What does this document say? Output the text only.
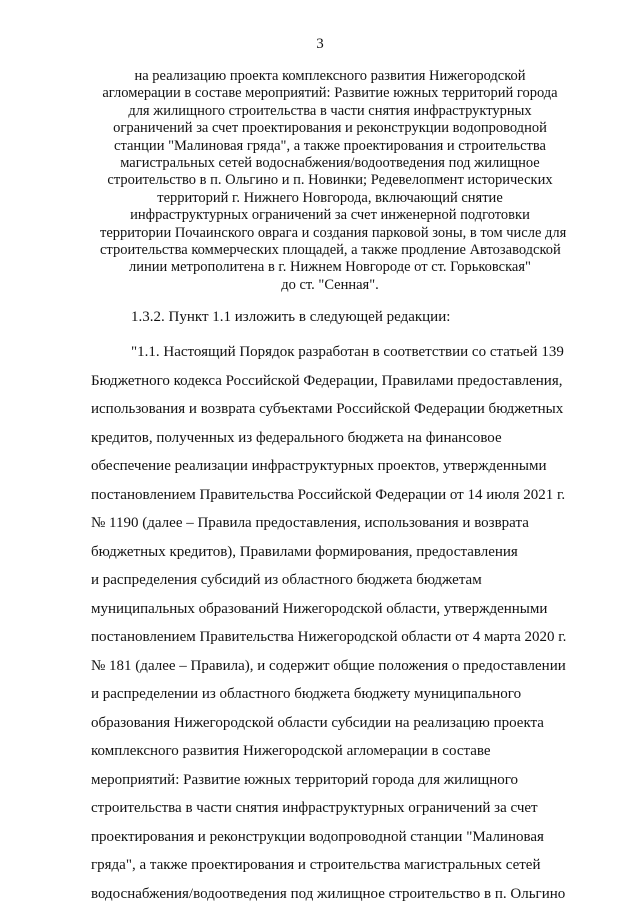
3
на реализацию проекта комплексного развития Нижегородской
агломерации в составе мероприятий: Развитие южных территорий города
для жилищного строительства в части снятия инфраструктурных
ограничений за счет проектирования и реконструкции водопроводной
станции "Малиновая гряда", а также проектирования и строительства
магистральных сетей водоснабжения/водоотведения под жилищное
строительство в п. Ольгино и п. Новинки; Редевелопмент исторических
территорий г. Нижнего Новгорода, включающий снятие
инфраструктурных ограничений за счет инженерной подготовки
территории Почаинского оврага и создания парковой зоны, в том числе для
строительства коммерческих площадей, а также продление Автозаводской
линии метрополитена в г. Нижнем Новгороде от ст. Горьковская"
до ст. "Сенная".
1.3.2. Пункт 1.1 изложить в следующей редакции:
"1.1. Настоящий Порядок разработан в соответствии со статьей 139
Бюджетного кодекса Российской Федерации, Правилами предоставления,
использования и возврата субъектами Российской Федерации бюджетных
кредитов, полученных из федерального бюджета на финансовое
обеспечение реализации инфраструктурных проектов, утвержденными
постановлением Правительства Российской Федерации от 14 июля 2021 г.
№ 1190 (далее – Правила предоставления, использования и возврата
бюджетных кредитов), Правилами формирования, предоставления
и распределения субсидий из областного бюджета бюджетам
муниципальных образований Нижегородской области, утвержденными
постановлением Правительства Нижегородской области от 4 марта 2020 г.
№ 181 (далее – Правила), и содержит общие положения о предоставлении
и распределении из областного бюджета бюджету муниципального
образования Нижегородской области субсидии на реализацию проекта
комплексного развития Нижегородской агломерации в составе
мероприятий: Развитие южных территорий города для жилищного
строительства в части снятия инфраструктурных ограничений за счет
проектирования и реконструкции водопроводной станции "Малиновая
гряда", а также проектирования и строительства магистральных сетей
водоснабжения/водоотведения под жилищное строительство в п. Ольгино
